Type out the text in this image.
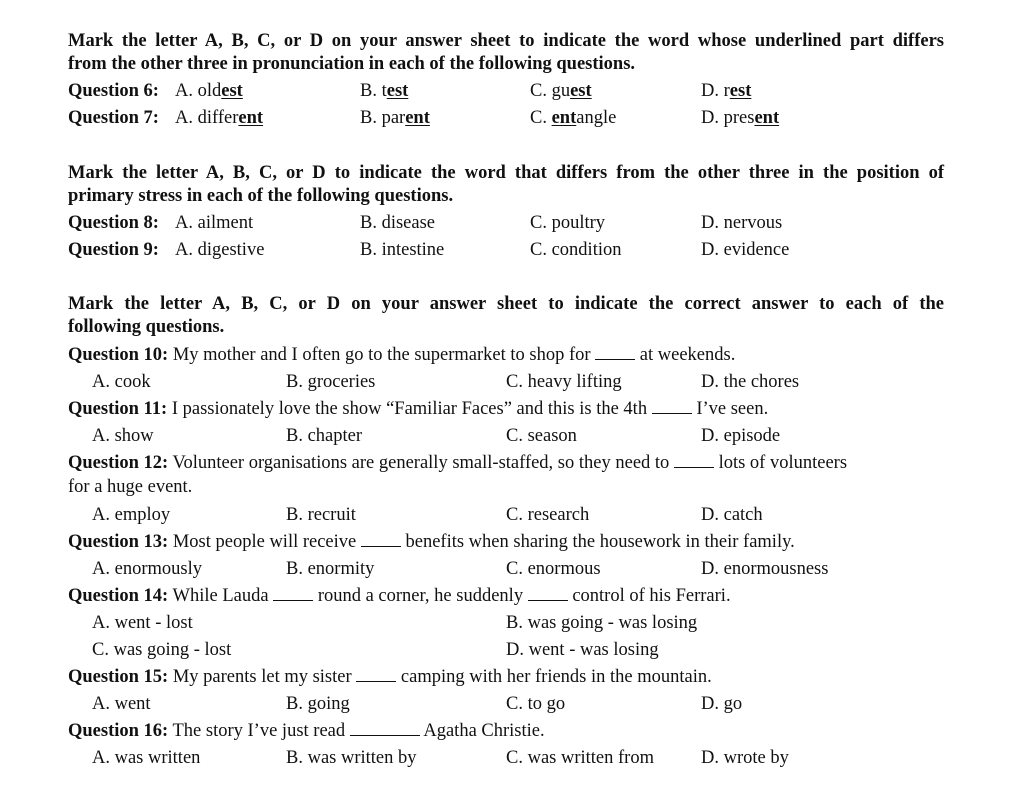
Mark the letter A, B, C, or D on your answer sheet to indicate the word whose underlined part differs
from the other three in pronunciation in each of the following questions.
Question 6: A. oldest	B. test	C. guest	D. rest
Question 7: A. different	B. parent	C. entangle	D. present
Mark the letter A, B, C, or D to indicate the word that differs from the other three in the position of
primary stress in each of the following questions.
Question 8: A. ailment	B. disease	C. poultry	D. nervous
Question 9: A. digestive	B. intestine	C. condition	D. evidence
Mark the letter A, B, C, or D on your answer sheet to indicate the correct answer to each of the
following questions.
Question 10: My mother and I often go to the supermarket to shop for  at weekends.
A. cook	B. groceries	C. heavy lifting	D. the chores
Question 11: I passionately love the show “Familiar Faces” and this is the 4th  I’ve seen.
A. show	B. chapter	C. season	D. episode
Question 12: Volunteer organisations are generally small-staffed, so they need to  lots of volunteers
for a huge event.
A. employ	B. recruit	C. research	D. catch
Question 13: Most people will receive  benefits when sharing the housework in their family.
A. enormously	B. enormity	C. enormous	D. enormousness
Question 14: While Lauda  round a corner, he suddenly  control of his Ferrari.
A. went - lost	B. was going - was losing
C. was going - lost	D. went - was losing
Question 15: My parents let my sister  camping with her friends in the mountain.
A. went	B. going	C. to go	D. go
Question 16: The story I’ve just read	Agatha Christie.
A. was written	B. was written by	C. was written from	D. wrote by
